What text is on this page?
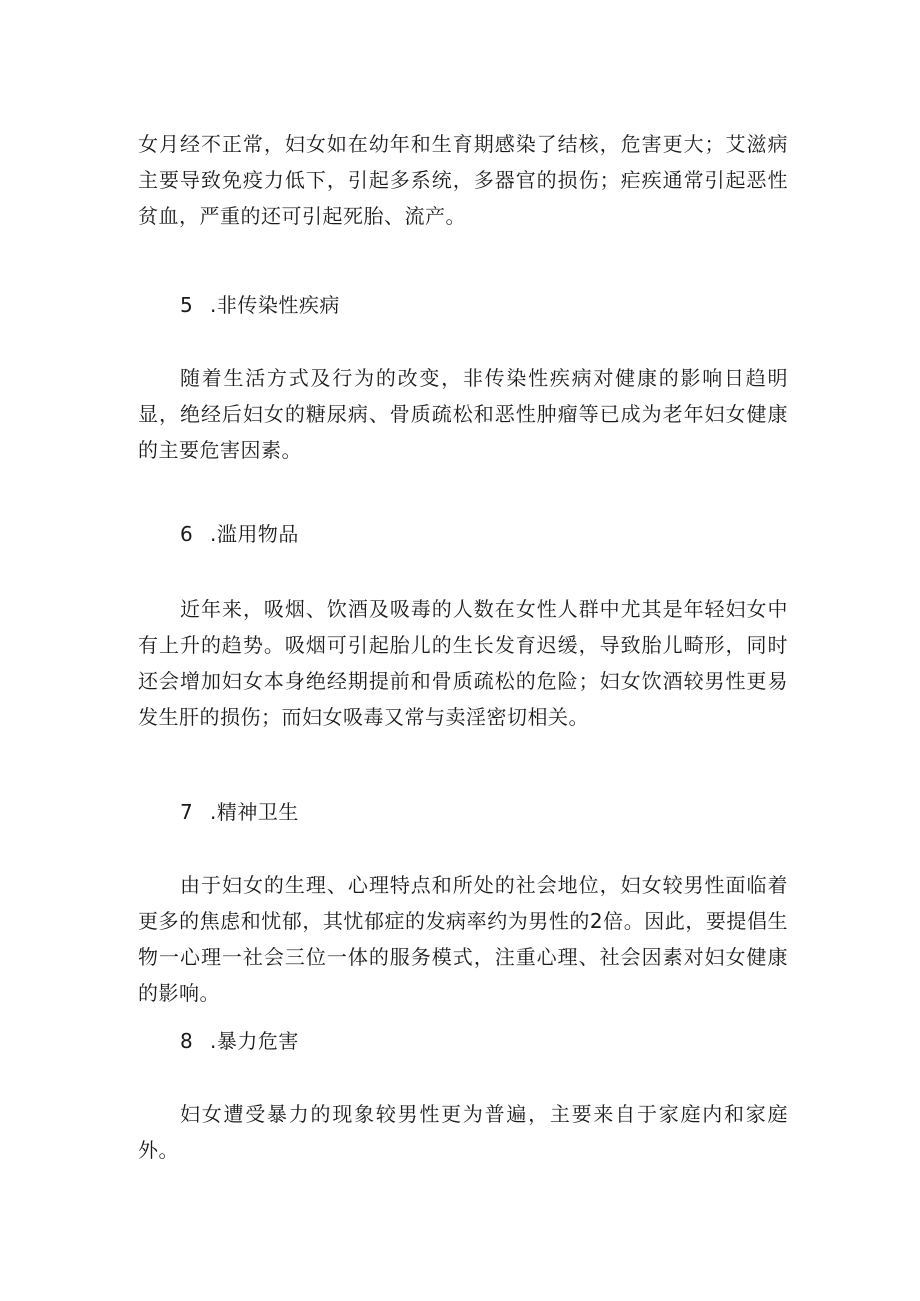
女月经不正常，妇女如在幼年和生育期感染了结核，危害更大；艾滋病主要导致免疫力低下，引起多系统，多器官的损伤；疟疾通常引起恶性贫血，严重的还可引起死胎、流产。
5 .非传染性疾病
随着生活方式及行为的改变，非传染性疾病对健康的影响日趋明显，绝经后妇女的糖尿病、骨质疏松和恶性肿瘤等已成为老年妇女健康的主要危害因素。
6 .滥用物品
近年来，吸烟、饮酒及吸毒的人数在女性人群中尤其是年轻妇女中有上升的趋势。吸烟可引起胎儿的生长发育迟缓，导致胎儿畸形，同时还会增加妇女本身绝经期提前和骨质疏松的危险；妇女饮酒较男性更易发生肝的损伤；而妇女吸毒又常与卖淫密切相关。
7 .精神卫生
由于妇女的生理、心理特点和所处的社会地位，妇女较男性面临着更多的焦虑和忧郁，其忧郁症的发病率约为男性的2倍。因此，要提倡生物一心理一社会三位一体的服务模式，注重心理、社会因素对妇女健康的影响。
8 .暴力危害
妇女遭受暴力的现象较男性更为普遍，主要来自于家庭内和家庭外。
